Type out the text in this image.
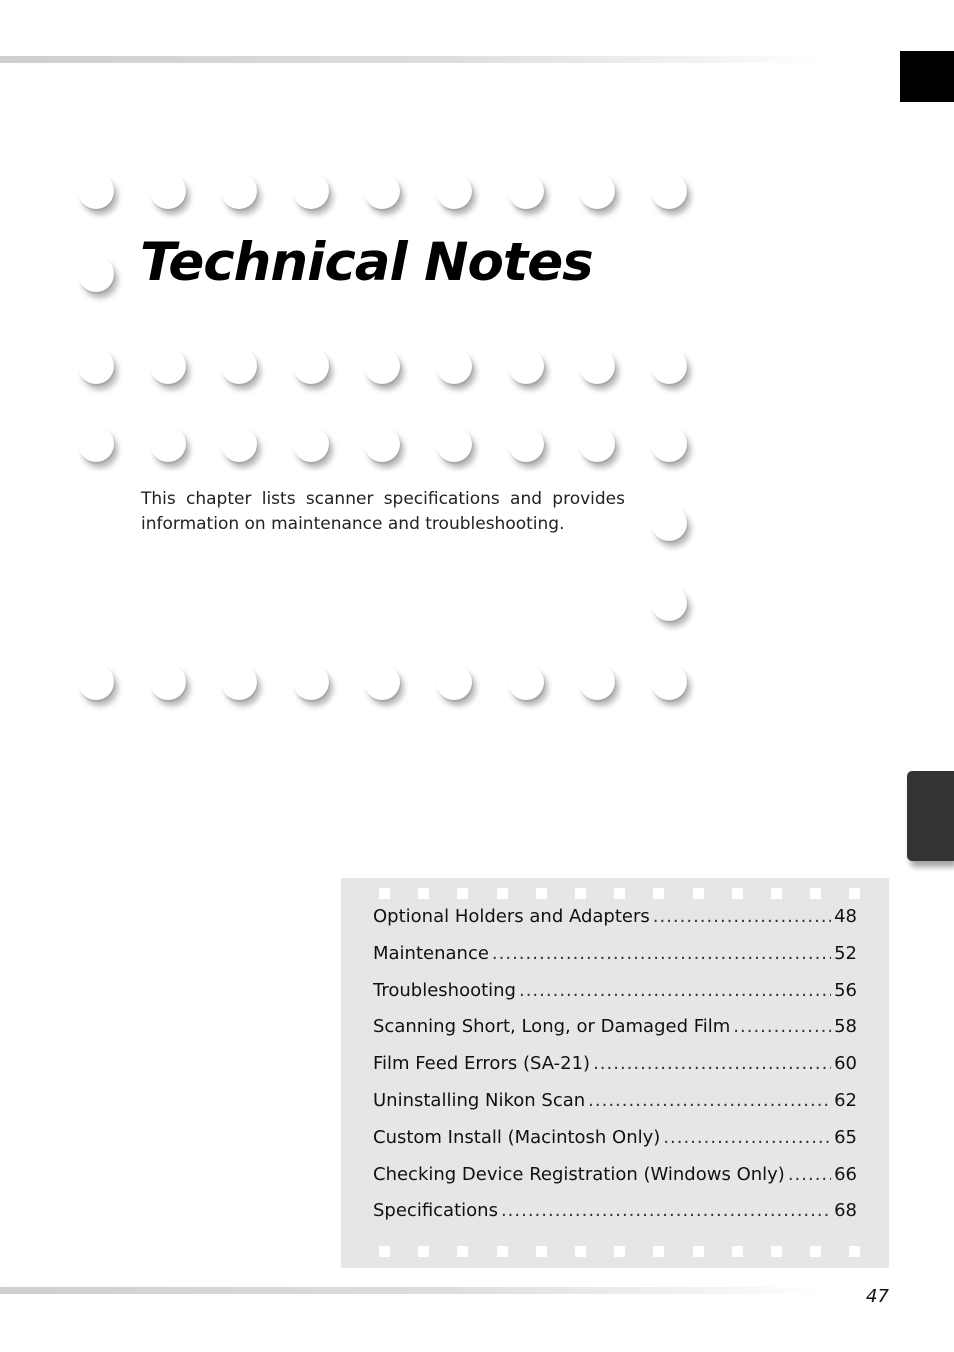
Technical Notes

This chapter lists scanner specifications and provides information on maintenance and troubleshooting.

Optional Holders and Adapters .....	48
Maintenance .....	52
Troubleshooting .....	56
Scanning Short, Long, or Damaged Film .....	58
Film Feed Errors (SA-21) .....	60
Uninstalling Nikon Scan .....	62
Custom Install (Macintosh Only) .....	65
Checking Device Registration (Windows Only) .....	66
Specifications .....	68
47
